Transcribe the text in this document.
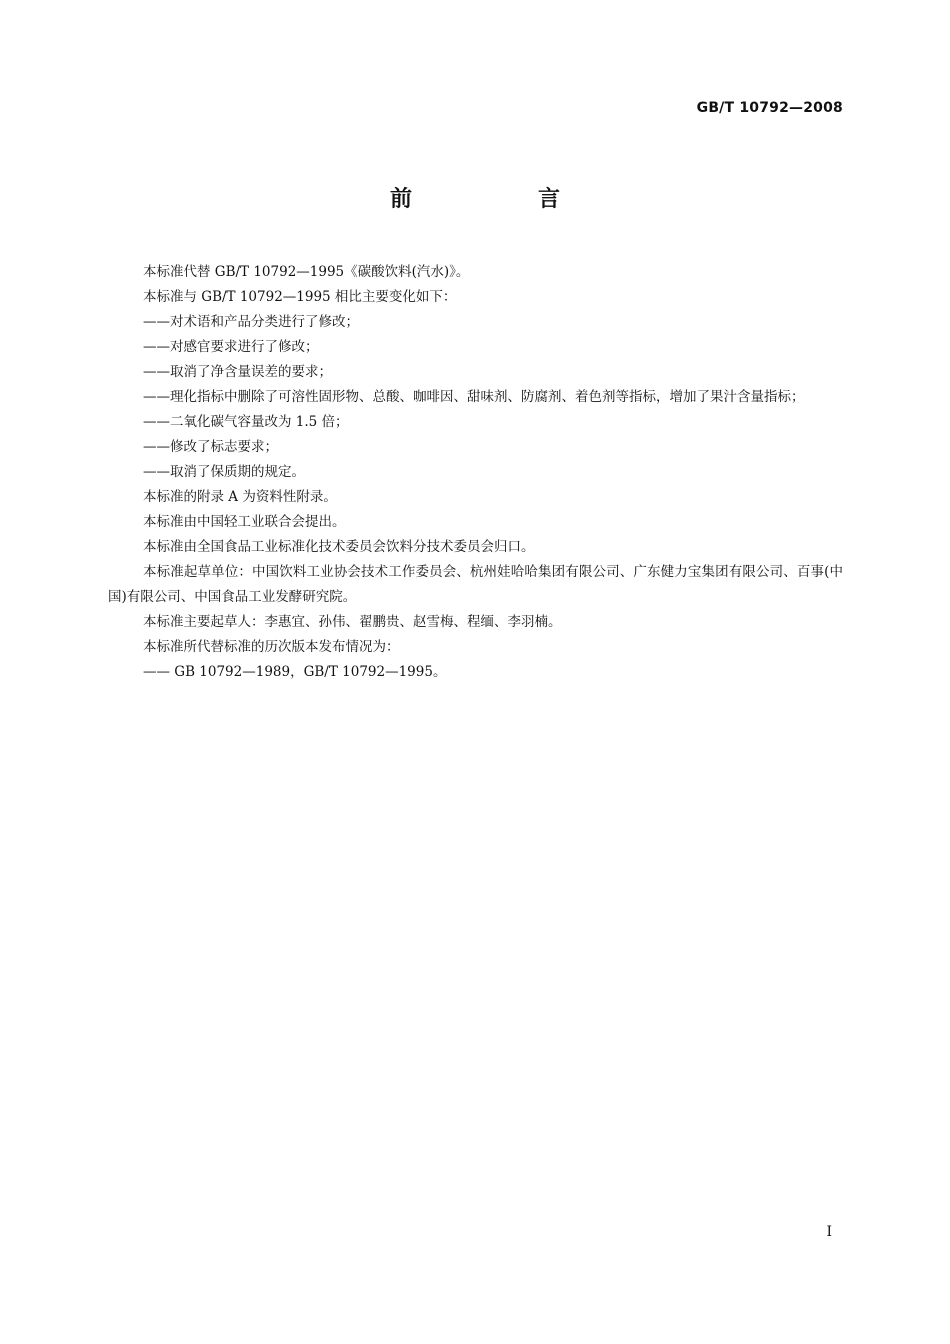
GB/T 10792—2008
前　言

本标准代替 GB/T 10792—1995《碳酸饮料(汽水)》。

本标准与 GB/T 10792—1995 相比主要变化如下：

——对术语和产品分类进行了修改；

——对感官要求进行了修改；

——取消了净含量误差的要求；

——理化指标中删除了可溶性固形物、总酸、咖啡因、甜味剂、防腐剂、着色剂等指标，增加了果汁含量指标；

——二氧化碳气容量改为 1.5 倍；

——修改了标志要求；

——取消了保质期的规定。

本标准的附录 A 为资料性附录。

本标准由中国轻工业联合会提出。

本标准由全国食品工业标准化技术委员会饮料分技术委员会归口。

本标准起草单位：中国饮料工业协会技术工作委员会、杭州娃哈哈集团有限公司、广东健力宝集团有限公司、百事(中国)有限公司、中国食品工业发酵研究院。

本标准主要起草人：李惠宜、孙伟、翟鹏贵、赵雪梅、程缅、李羽楠。

本标准所代替标准的历次版本发布情况为：

—— GB 10792—1989，GB/T 10792—1995。

I
